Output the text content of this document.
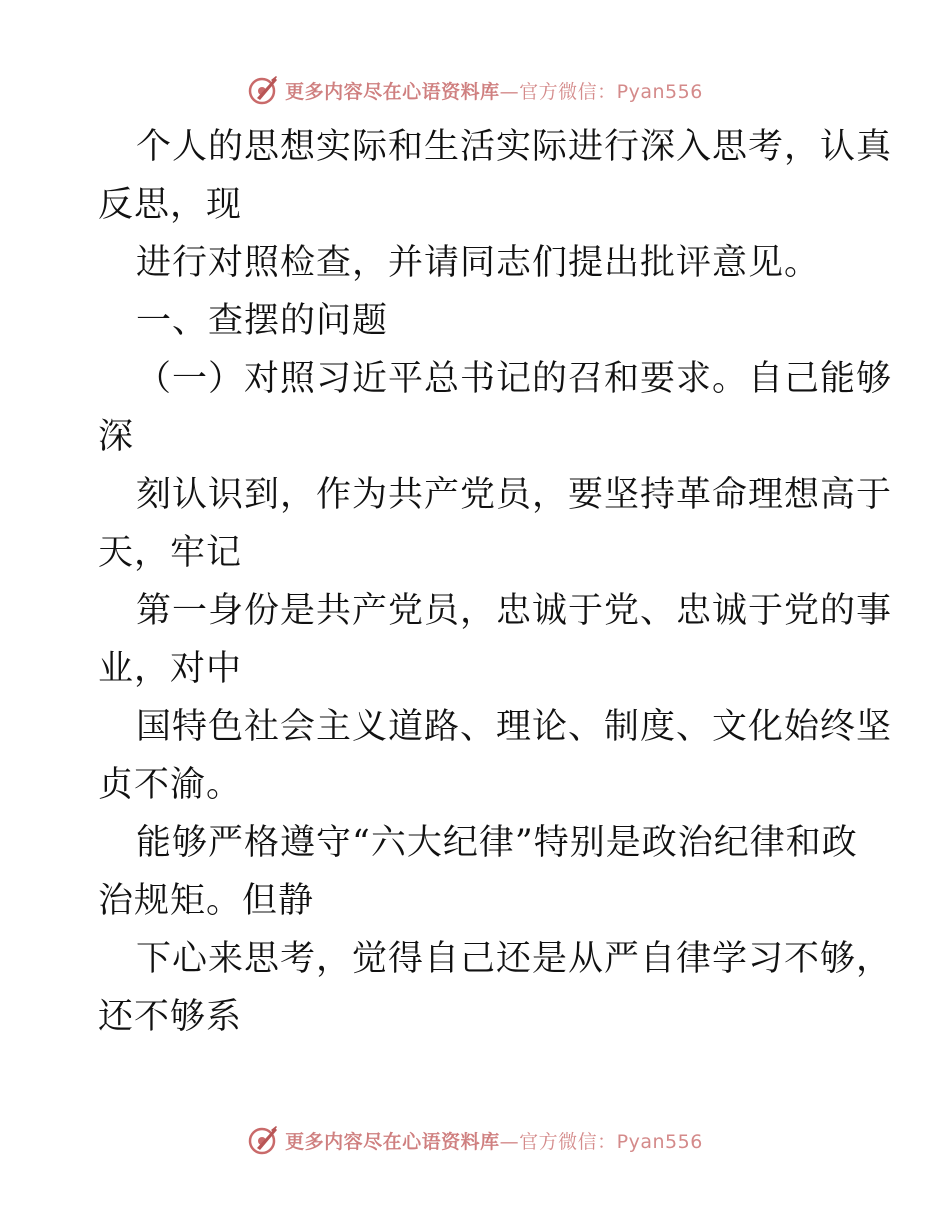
更多内容尽在心语资料库—官方微信：Pyan556
个人的思想实际和生活实际进行深入思考，认真
反思，现
进行对照检查，并请同志们提出批评意见。
一、查摆的问题
（一）对照习近平总书记的召和要求。自己能够
深
刻认识到，作为共产党员，要坚持革命理想高于
天，牢记
第一身份是共产党员，忠诚于党、忠诚于党的事
业，对中
国特色社会主义道路、理论、制度、文化始终坚
贞不渝。
能够严格遵守“六大纪律”特别是政治纪律和政
治规矩。但静
下心来思考，觉得自己还是从严自律学习不够，
还不够系
更多内容尽在心语资料库—官方微信：Pyan556
